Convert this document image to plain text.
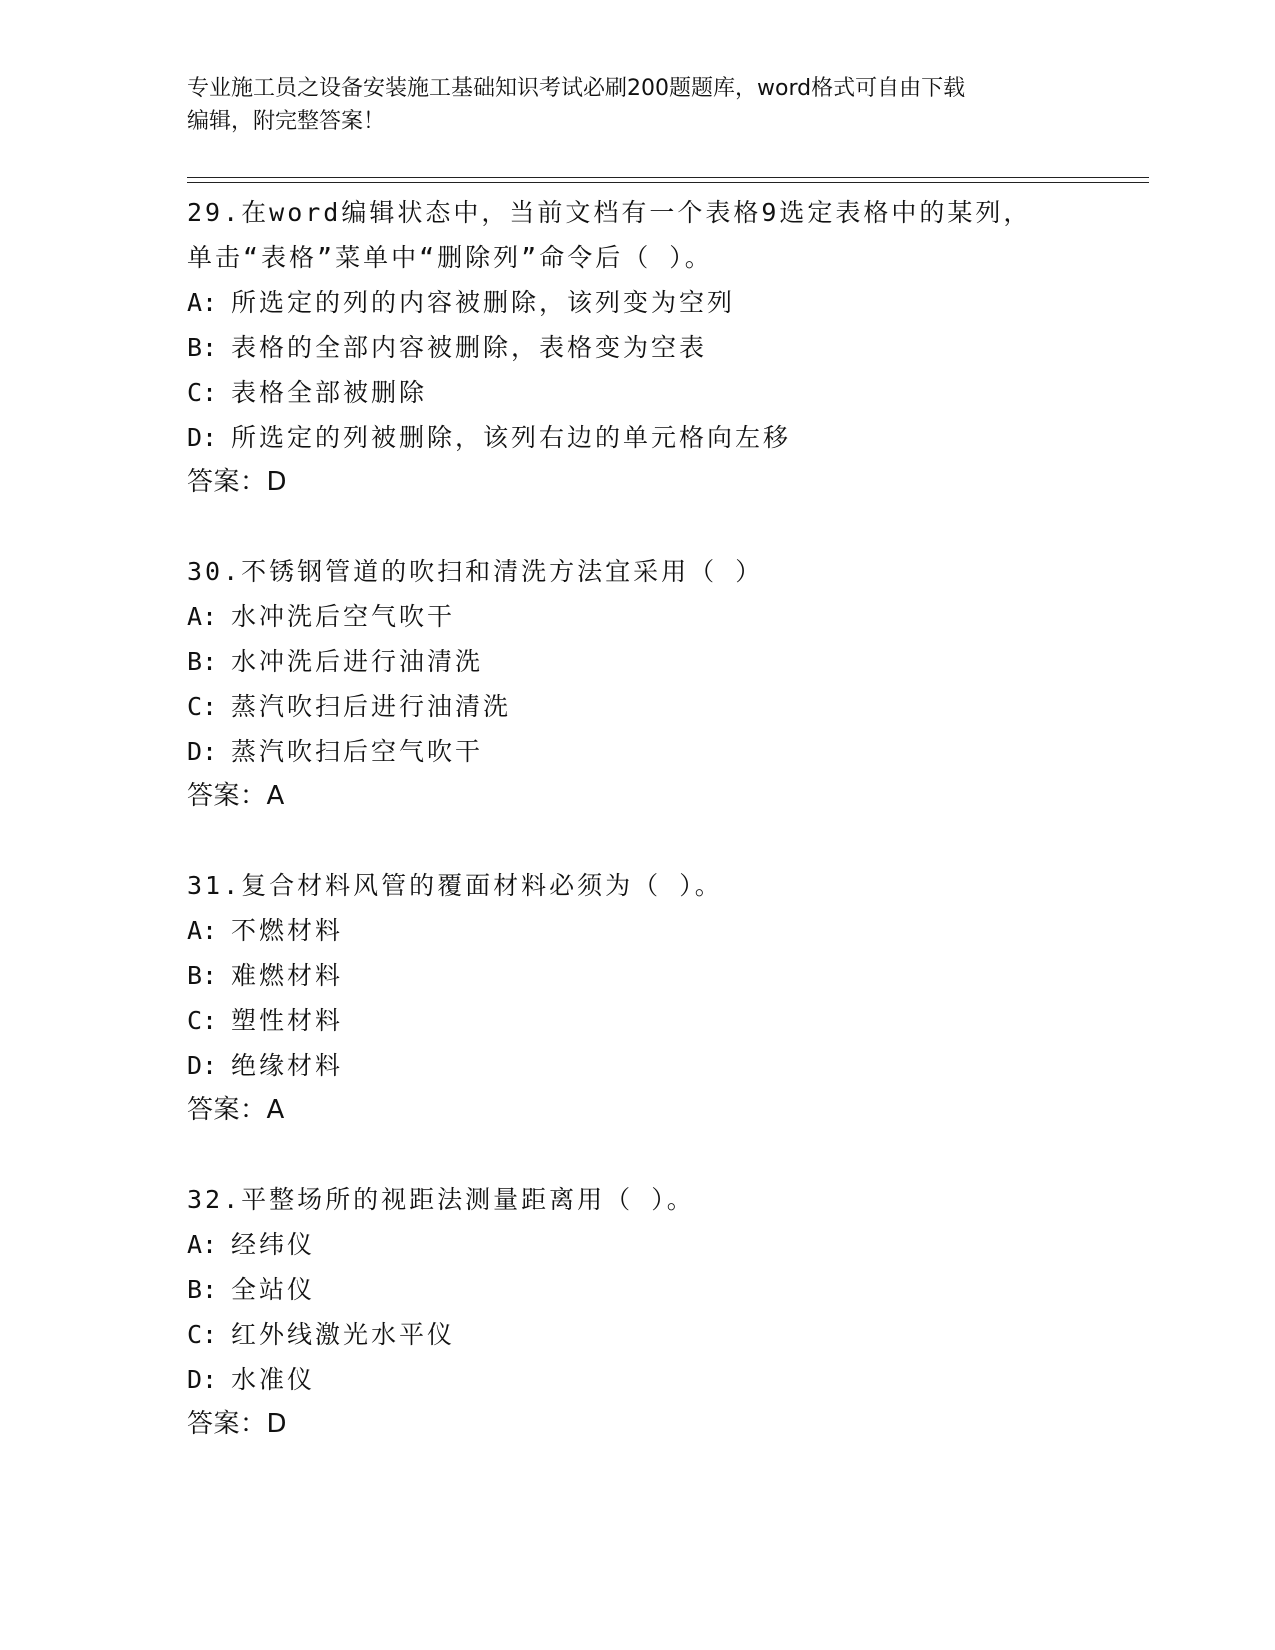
专业施工员之设备安装施工基础知识考试必刷200题题库，word格式可自由下载
编辑，附完整答案！
29.在word编辑状态中，当前文档有一个表格9选定表格中的某列，
单击“表格”菜单中“删除列”命令后（ ）。
A: 所选定的列的内容被删除，该列变为空列
B: 表格的全部内容被删除，表格变为空表
C: 表格全部被删除
D: 所选定的列被删除，该列右边的单元格向左移
答案：D
30.不锈钢管道的吹扫和清洗方法宜采用（ ）
A: 水冲洗后空气吹干
B: 水冲洗后进行油清洗
C: 蒸汽吹扫后进行油清洗
D: 蒸汽吹扫后空气吹干
答案：A
31.复合材料风管的覆面材料必须为（ ）。
A: 不燃材料
B: 难燃材料
C: 塑性材料
D: 绝缘材料
答案：A
32.平整场所的视距法测量距离用（ ）。
A: 经纬仪
B: 全站仪
C: 红外线激光水平仪
D: 水准仪
答案：D
